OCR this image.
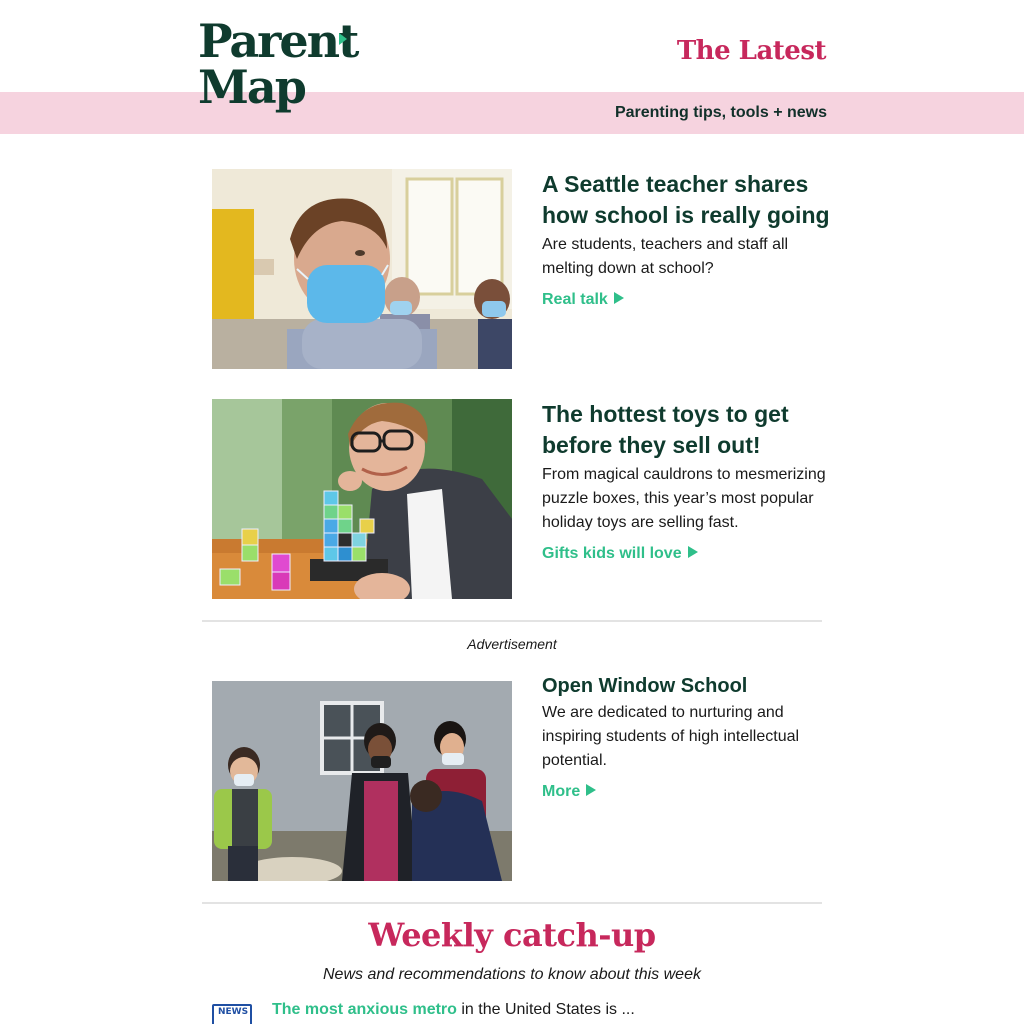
Parent
Map
The Latest
Parenting tips, tools + news
A Seattle teacher shares how school is really going
Are students, teachers and staff all melting down at school?
Real talk
The hottest toys to get before they sell out!
From magical cauldrons to mesmerizing puzzle boxes, this year’s most popular holiday toys are selling fast.
Gifts kids will love
Advertisement
Open Window School
We are dedicated to nurturing and inspiring students of high intellectual potential.
More
Weekly catch-up
News and recommendations to know about this week
NEWS The most anxious metro in the United States is ...
